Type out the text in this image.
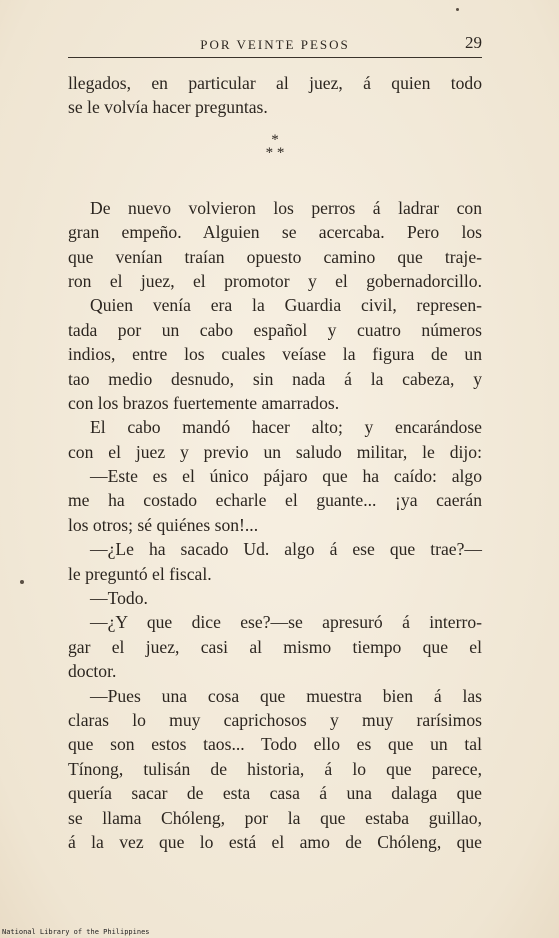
POR VEINTE PESOS	29
llegados, en particular al juez, á quien todo
se le volvía hacer preguntas.
*
* *
De nuevo volvieron los perros á ladrar con
gran empeño. Alguien se acercaba. Pero los
que venían traían opuesto camino que traje-
ron el juez, el promotor y el gobernadorcillo.
Quien venía era la Guardia civil, represen-
tada por un cabo español y cuatro números
indios, entre los cuales veíase la figura de un
tao medio desnudo, sin nada á la cabeza, y
con los brazos fuertemente amarrados.
El cabo mandó hacer alto; y encarándose
con el juez y previo un saludo militar, le dijo:
—Este es el único pájaro que ha caído: algo
me ha costado echarle el guante... ¡ya caerán
los otros; sé quiénes son!...
—¿Le ha sacado Ud. algo á ese que trae?—
le preguntó el fiscal.
—Todo.
—¿Y que dice ese?—se apresuró á interro-
gar el juez, casi al mismo tiempo que el
doctor.
—Pues una cosa que muestra bien á las
claras lo muy caprichosos y muy rarísimos
que son estos taos... Todo ello es que un tal
Tínong, tulisán de historia, á lo que parece,
quería sacar de esta casa á una dalaga que
se llama Chóleng, por la que estaba guillao,
á la vez que lo está el amo de Chóleng, que
National Library of the Philippines
